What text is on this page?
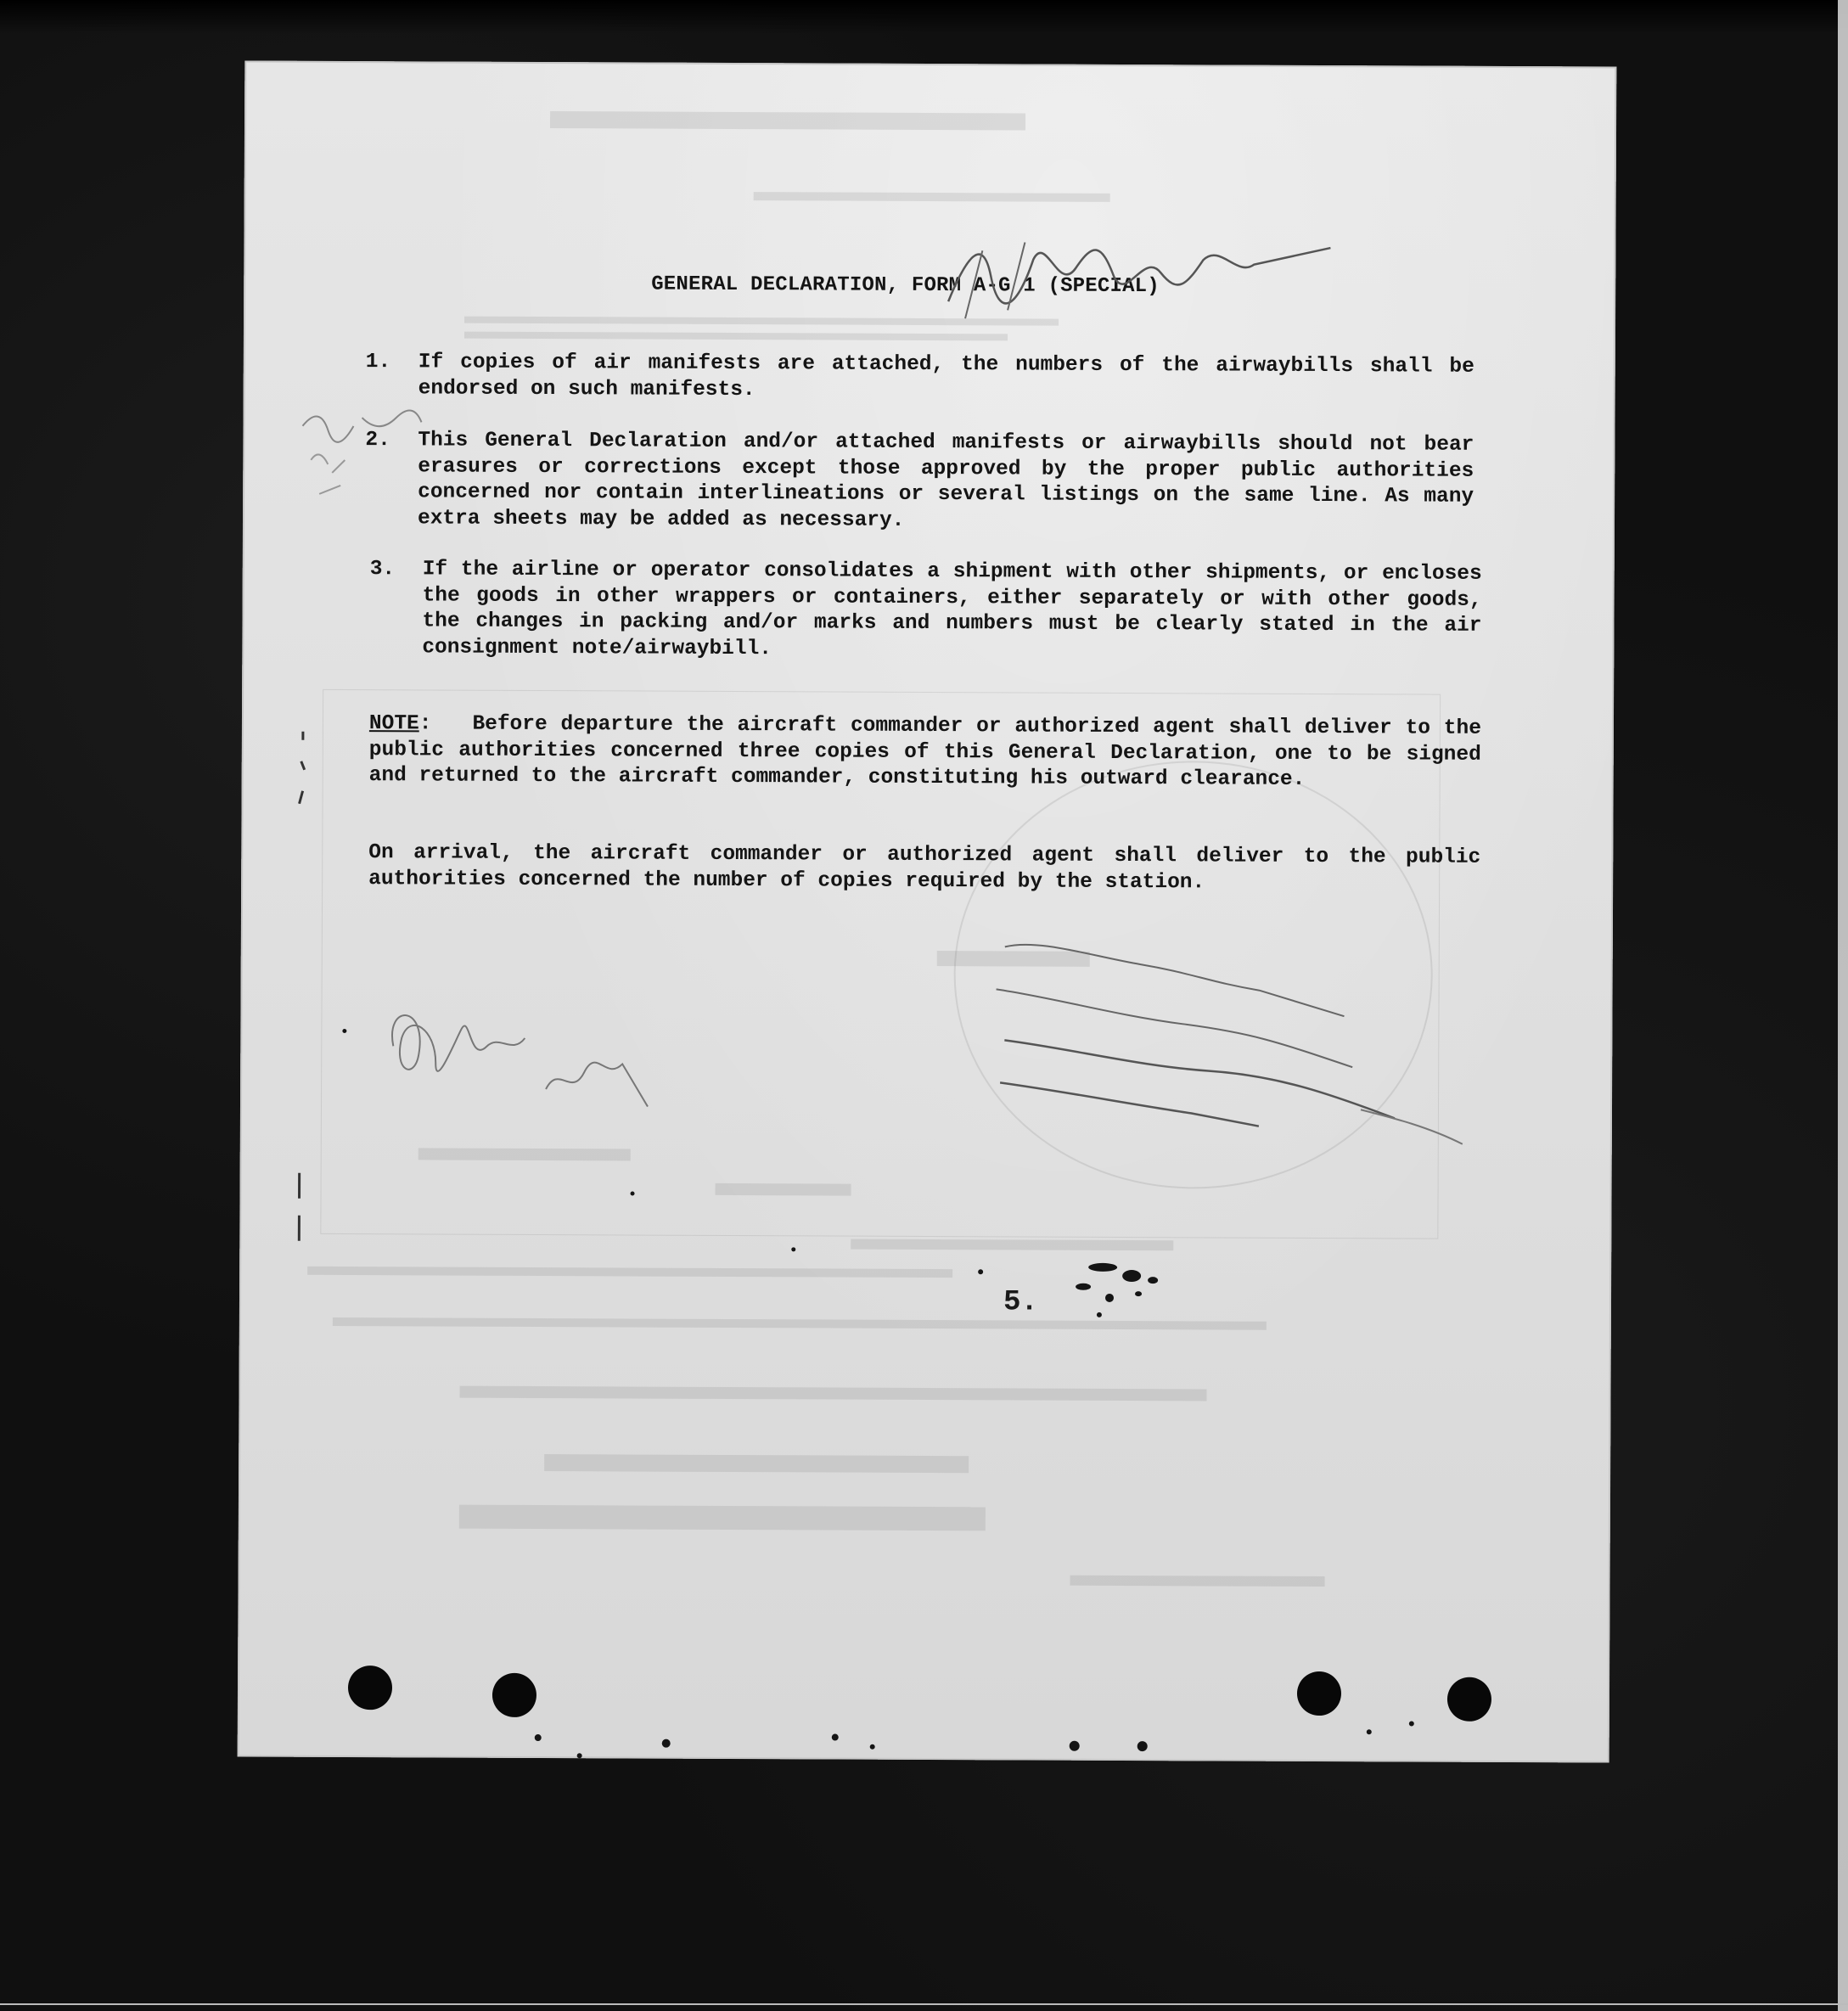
GENERAL DECLARATION, FORM A-G 1 (SPECIAL)
1. If copies of air manifests are attached, the numbers of the airwaybills shall be endorsed on such manifests.
2. This General Declaration and/or attached manifests or airwaybills should not bear erasures or corrections except those approved by the proper public authorities concerned nor contain interlineations or several listings on the same line. As many extra sheets may be added as necessary.
3. If the airline or operator consolidates a shipment with other shipments, or encloses the goods in other wrappers or containers, either separately or with other goods, the changes in packing and/or marks and numbers must be clearly stated in the air consignment note/airwaybill.
NOTE: Before departure the aircraft commander or authorized agent shall deliver to the public authorities concerned three copies of this General Declaration, one to be signed and returned to the aircraft commander, constituting his outward clearance.
On arrival, the aircraft commander or authorized agent shall deliver to the public authorities concerned the number of copies required by the station.
5.
